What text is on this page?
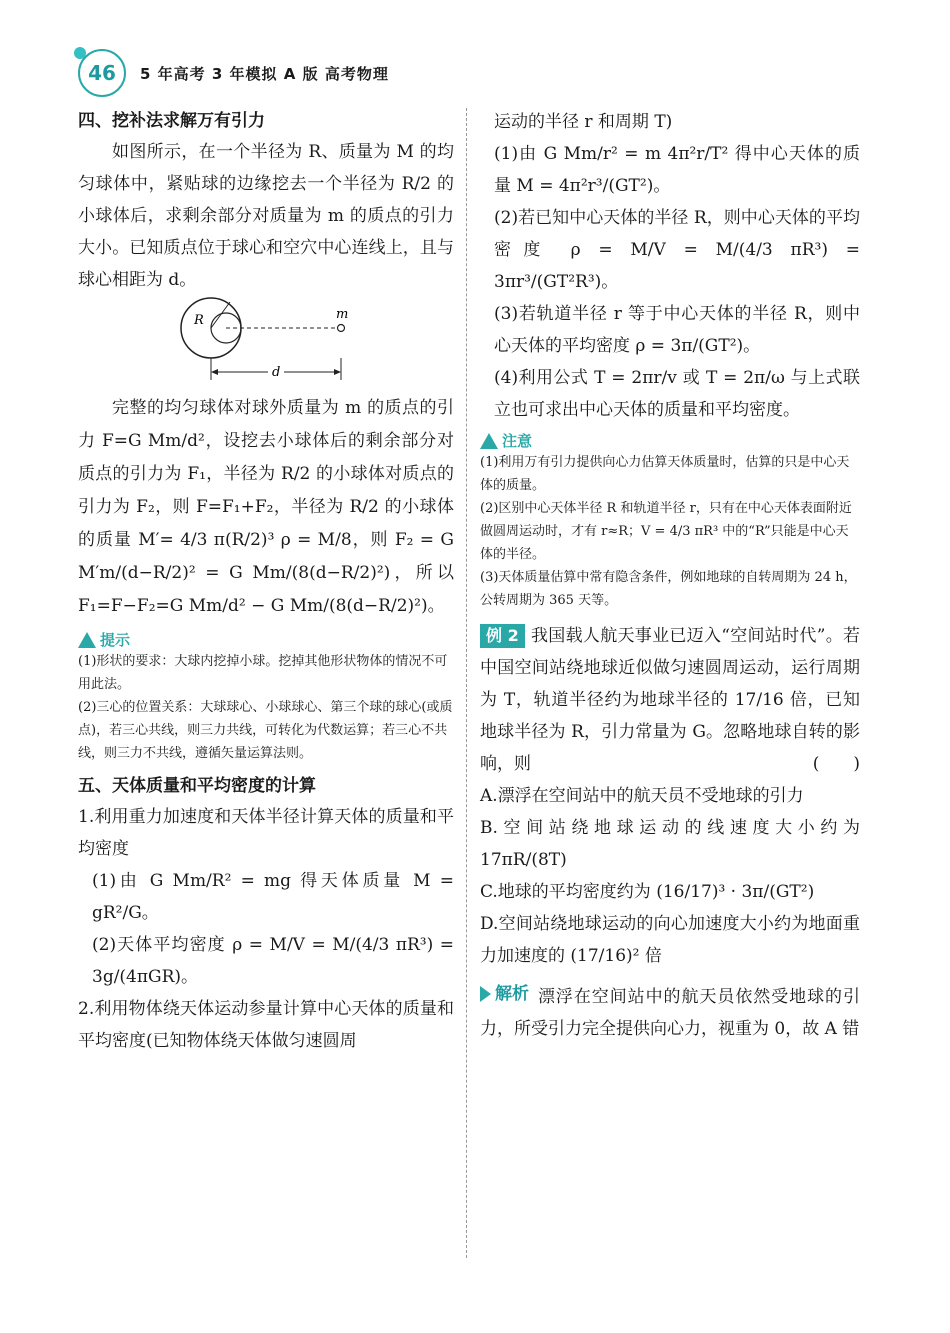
46	5 年高考 3 年模拟 A 版 高考物理

四、挖补法求解万有引力

如图所示，在一个半径为 R、质量为 M 的均匀球体中，紧贴球的边缘挖去一个半径为 R/2 的小球体后，求剩余部分对质量为 m 的质点的引力大小。已知质点位于球心和空穴中心连线上，且与球心相距为 d。

R	m
d

完整的均匀球体对球外质量为 m 的质点的引力 F=G Mm/d²，设挖去小球体后的剩余部分对质点的引力为 F₁，半径为 R/2 的小球体对质点的引力为 F₂，则 F=F₁+F₂，半径为 R/2 的小球体的质量 M′= 4/3 π(R/2)³ ρ = M/8，则 F₂ = G M′m/(d−R/2)² = G Mm/(8(d−R/2)²)，所以 F₁=F−F₂=G Mm/d² − G Mm/(8(d−R/2)²)。

提示

(1)形状的要求：大球内挖掉小球。挖掉其他形状物体的情况不可用此法。

(2)三心的位置关系：大球球心、小球球心、第三个球的球心(或质点)，若三心共线，则三力共线，可转化为代数运算；若三心不共线，则三力不共线，遵循矢量运算法则。

五、天体质量和平均密度的计算

1.利用重力加速度和天体半径计算天体的质量和平均密度

(1)由 G Mm/R² = mg 得天体质量 M = gR²/G。

(2)天体平均密度 ρ = M/V = M/(4/3 πR³) = 3g/(4πGR)。

2.利用物体绕天体运动参量计算中心天体的质量和平均密度(已知物体绕天体做匀速圆周

运动的半径 r 和周期 T)

(1)由 G Mm/r² = m 4π²r/T² 得中心天体的质量 M = 4π²r³/(GT²)。

(2)若已知中心天体的半径 R，则中心天体的平均密度 ρ = M/V = M/(4/3 πR³) = 3πr³/(GT²R³)。

(3)若轨道半径 r 等于中心天体的半径 R，则中心天体的平均密度 ρ = 3π/(GT²)。

(4)利用公式 T = 2πr/v 或 T = 2π/ω 与上式联立也可求出中心天体的质量和平均密度。

注意

(1)利用万有引力提供向心力估算天体质量时，估算的只是中心天体的质量。

(2)区别中心天体半径 R 和轨道半径 r，只有在中心天体表面附近做圆周运动时，才有 r≈R；V = 4/3 πR³ 中的“R”只能是中心天体的半径。

(3)天体质量估算中常有隐含条件，例如地球的自转周期为 24 h，公转周期为 365 天等。

例 2 我国载人航天事业已迈入“空间站时代”。若中国空间站绕地球近似做匀速圆周运动，运行周期为 T，轨道半径约为地球半径的 17/16 倍，已知地球半径为 R，引力常量为 G。忽略地球自转的影响，则	(　　)

A.漂浮在空间站中的航天员不受地球的引力

B.空间站绕地球运动的线速度大小约为 17πR/(8T)

C.地球的平均密度约为 (16/17)³ · 3π/(GT²)

D.空间站绕地球运动的向心加速度大小约为地面重力加速度的 (17/16)² 倍

解析 漂浮在空间站中的航天员依然受地球的引力，所受引力完全提供向心力，视重为 0，故 A 错
